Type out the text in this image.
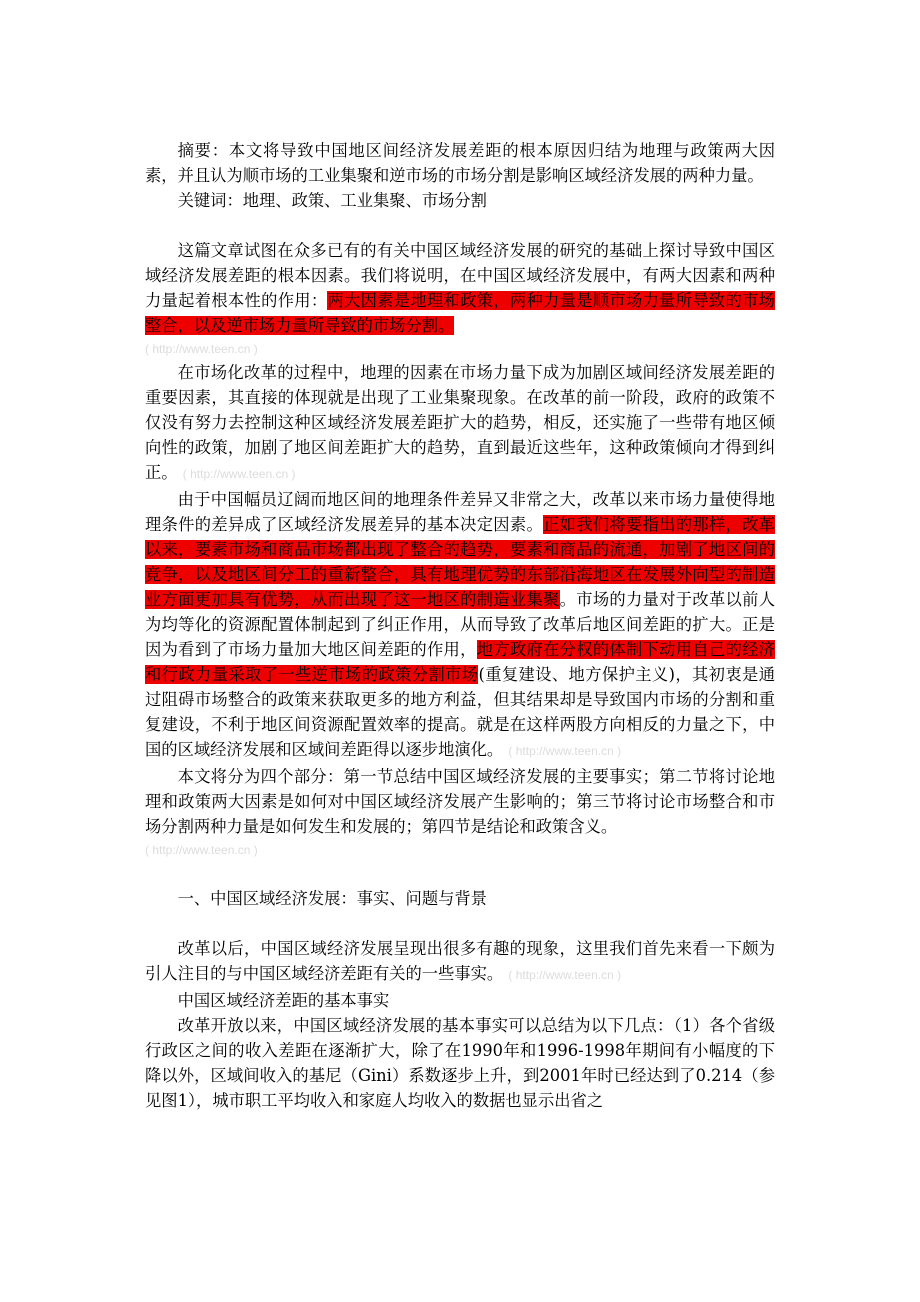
摘要：本文将导致中国地区间经济发展差距的根本原因归结为地理与政策两大因素，并且认为顺市场的工业集聚和逆市场的市场分割是影响区域经济发展的两种力量。

关键词：地理、政策、工业集聚、市场分割

这篇文章试图在众多已有的有关中国区域经济发展的研究的基础上探讨导致中国区域经济发展差距的根本因素。我们将说明，在中国区域经济发展中，有两大因素和两种力量起着根本性的作用：两大因素是地理和政策，两种力量是顺市场力量所导致的市场整合，以及逆市场力量所导致的市场分割。

( http://www.teen.cn )

在市场化改革的过程中，地理的因素在市场力量下成为加剧区域间经济发展差距的重要因素，其直接的体现就是出现了工业集聚现象。在改革的前一阶段，政府的政策不仅没有努力去控制这种区域经济发展差距扩大的趋势，相反，还实施了一些带有地区倾向性的政策，加剧了地区间差距扩大的趋势，直到最近这些年，这种政策倾向才得到纠正。 ( http://www.teen.cn )

由于中国幅员辽阔而地区间的地理条件差异又非常之大，改革以来市场力量使得地理条件的差异成了区域经济发展差异的基本决定因素。正如我们将要指出的那样，改革以来，要素市场和商品市场都出现了整合的趋势，要素和商品的流通，加剧了地区间的竞争，以及地区间分工的重新整合，具有地理优势的东部沿海地区在发展外向型的制造业方面更加具有优势，从而出现了这一地区的制造业集聚。市场的力量对于改革以前人为均等化的资源配置体制起到了纠正作用，从而导致了改革后地区间差距的扩大。正是因为看到了市场力量加大地区间差距的作用，地方政府在分权的体制下动用自己的经济和行政力量采取了一些逆市场的政策分割市场(重复建设、地方保护主义)，其初衷是通过阻碍市场整合的政策来获取更多的地方利益，但其结果却是导致国内市场的分割和重复建设，不利于地区间资源配置效率的提高。就是在这样两股方向相反的力量之下，中国的区域经济发展和区域间差距得以逐步地演化。 ( http://www.teen.cn )

本文将分为四个部分：第一节总结中国区域经济发展的主要事实；第二节将讨论地理和政策两大因素是如何对中国区域经济发展产生影响的；第三节将讨论市场整合和市场分割两种力量是如何发生和发展的；第四节是结论和政策含义。

( http://www.teen.cn )

一、中国区域经济发展：事实、问题与背景

改革以后，中国区域经济发展呈现出很多有趣的现象，这里我们首先来看一下颇为引人注目的与中国区域经济差距有关的一些事实。 ( http://www.teen.cn )

中国区域经济差距的基本事实

改革开放以来，中国区域经济发展的基本事实可以总结为以下几点：（1）各个省级行政区之间的收入差距在逐渐扩大，除了在1990年和1996-1998年期间有小幅度的下降以外，区域间收入的基尼（Gini）系数逐步上升，到2001年时已经达到了0.214（参见图1），城市职工平均收入和家庭人均收入的数据也显示出省之
